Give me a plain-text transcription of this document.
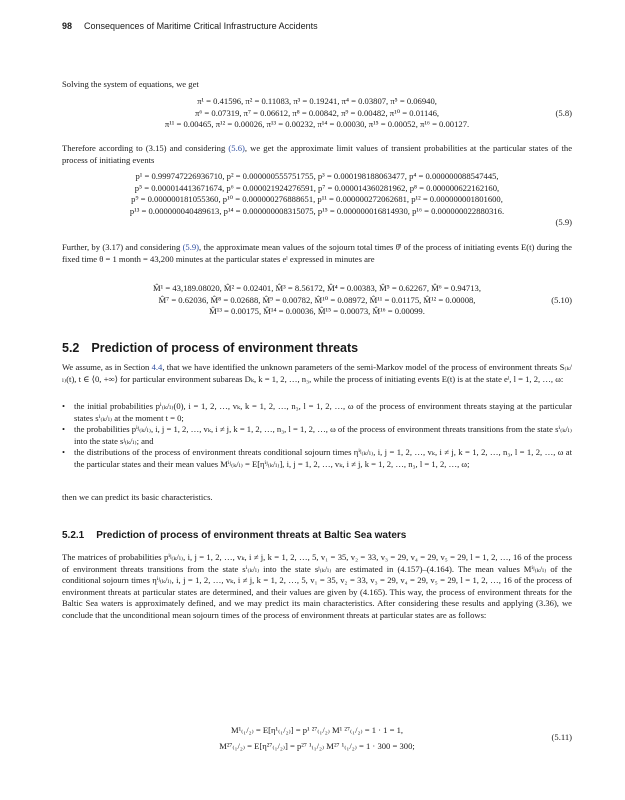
98 Consequences of Maritime Critical Infrastructure Accidents

Solving the system of equations, we get

π¹ = 0.41596, π² = 0.11083, π³ = 0.19241, π⁴ = 0.03807, π⁵ = 0.06940,
π⁶ = 0.07319, π⁷ = 0.06612, π⁸ = 0.00842, π⁹ = 0.00482, π¹⁰ = 0.01146,
π¹¹ = 0.00465, π¹² = 0.00026, π¹³ = 0.00232, π¹⁴ = 0.00030, π¹⁵ = 0.00052, π¹⁶ = 0.00127.
(5.8)

Therefore according to (3.15) and considering (5.6), we get the approximate limit values of transient probabilities at the particular states of the process of initiating events

p¹ = 0.999747226936710, p² = 0.000000555751755, p³ = 0.000198188063477, p⁴ = 0.000000088547445,
p⁵ = 0.000014413671674, p⁶ = 0.000021924276591, p⁷ = 0.000014360281962, p⁸ = 0.000000622162160,
p⁹ = 0.000000181055360, p¹⁰ = 0.000000276888651, p¹¹ = 0.000000272062681, p¹² = 0.000000001801600,
p¹³ = 0.000000040489613, p¹⁴ = 0.000000008315075, p¹⁵ = 0.000000016814930, p¹⁶ = 0.000000022880316.
(5.9)

Further, by (3.17) and considering (5.9), the approximate mean values of the sojourn total times θ̂ˡ of the process of initiating events E(t) during the fixed time θ = 1 month = 43,200 minutes at the particular states eˡ expressed in minutes are

M̂¹ = 43,189.08020, M̂² = 0.02401, M̂³ = 8.56172, M̂⁴ = 0.00383, M̂⁵ = 0.62267, M̂⁶ = 0.94713,
M̂⁷ = 0.62036, M̂⁸ = 0.02688, M̂⁹ = 0.00782, M̂¹⁰ = 0.08972, M̂¹¹ = 0.01175, M̂¹² = 0.00008,
M̂¹³ = 0.00175, M̂¹⁴ = 0.00036, M̂¹⁵ = 0.00073, M̂¹⁶ = 0.00099.
(5.10)
5.2 Prediction of process of environment threats

We assume, as in Section 4.4, that we have identified the unknown parameters of the semi-Markov model of the process of environment threats S₍ₖ/ₗ₎(t), t ∈ ⟨0, +∞⟩ for particular environment subareas Dₖ, k = 1, 2, …, n₃, while the process of initiating events E(t) is at the state eˡ, l = 1, 2, …, ω:

• the initial probabilities pⁱ₍ₖ/ₗ₎(0), i = 1, 2, …, vₖ, k = 1, 2, …, n₃, l = 1, 2, …, ω of the process of environment threats staying at the particular states sⁱ₍ₖ/ₗ₎ at the moment t = 0;
• the probabilities pⁱʲ₍ₖ/ₗ₎, i, j = 1, 2, …, vₖ, i ≠ j, k = 1, 2, …, n₃, l = 1, 2, …, ω of the process of environment threats transitions from the state sⁱ₍ₖ/ₗ₎ into the state sʲ₍ₖ/ₗ₎; and
• the distributions of the process of environment threats conditional sojourn times ηⁱʲ₍ₖ/ₗ₎, i, j = 1, 2, …, vₖ, i ≠ j, k = 1, 2, …, n₃, l = 1, 2, …, ω at the particular states and their mean values Mⁱʲ₍ₖ/ₗ₎ = E[ηⁱʲ₍ₖ/ₗ₎], i, j = 1, 2, …, vₖ, i ≠ j, k = 1, 2, …, n₃, l = 1, 2, …, ω;

then we can predict its basic characteristics.

5.2.1 Prediction of process of environment threats at Baltic Sea waters

The matrices of probabilities pⁱʲ₍ₖ/ₗ₎, i, j = 1, 2, …, vₖ, i ≠ j, k = 1, 2, …, 5, v₁ = 35, v₂ = 33, v₃ = 29, v₄ = 29, v₅ = 29, l = 1, 2, …, 16 of the process of environment threats transitions from the state sⁱ₍ₖ/ₗ₎ into the state sʲ₍ₖ/ₗ₎ are estimated in (4.157)–(4.164). The mean values Mⁱʲ₍ₖ/ₗ₎ of the conditional sojourn times ηⁱʲ₍ₖ/ₗ₎, i, j = 1, 2, …, vₖ, i ≠ j, k = 1, 2, …, 5, v₁ = 35, v₂ = 33, v₃ = 29, v₄ = 29, v₅ = 29, l = 1, 2, …, 16 of the process of environment threats at particular states are determined, and their values are given by (4.165). This way, the process of environment threats for the Baltic Sea waters is approximately defined, and we may predict its main characteristics. After considering these results and applying (3.36), we conclude that the unconditional mean sojourn times of the process of environment threats at particular states are as follows:

M¹₍₁/₂₎ = E[η¹₍₁/₂₎] = p¹ ²⁷₍₁/₂₎ M¹ ²⁷₍₁/₂₎ = 1 · 1 = 1,
M²⁷₍₁/₂₎ = E[η²⁷₍₁/₂₎] = p²⁷ ¹₍₁/₂₎ M²⁷ ¹₍₁/₂₎ = 1 · 300 = 300;
(5.11)
